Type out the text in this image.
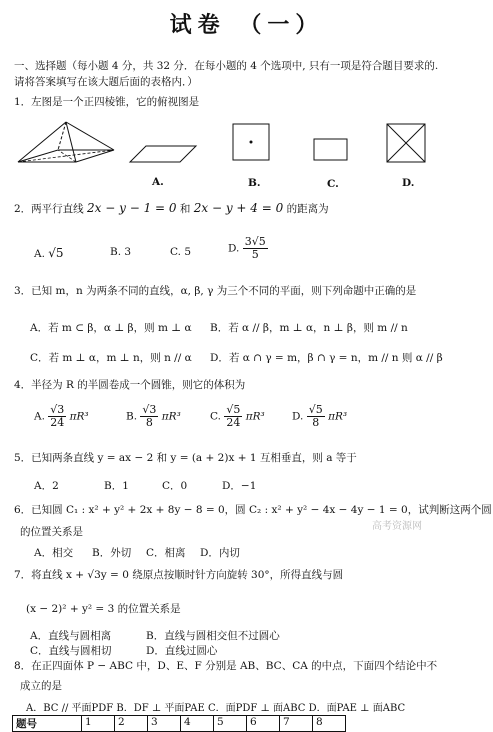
试卷 （一）
一、选择题（每小题 4 分，共 32 分．在每小题的 4 个选项中, 只有一项是符合题目要求的.
请将答案填写在该大题后面的表格内．）
1．左图是一个正四棱锥，它的俯视图是
A.	B.	C.	D.
2．两平行直线 2x − y − 1 = 0 和 2x − y + 4 = 0 的距离为
A. √5	B. 3	C. 5	D. $\frac{3√5}{5}$
3．已知 m，n 为两条不同的直线，α, β, γ 为三个不同的平面，则下列命题中正确的是
A．若 m ⊂ β，α ⊥ β，则 m ⊥ α B．若 α // β，m ⊥ α，n ⊥ β，则 m // n
C．若 m ⊥ α，m ⊥ n，则 n // α D．若 α ∩ γ = m，β ∩ γ = n，m // n 则 α // β
4．半径为 R 的半圆卷成一个圆锥，则它的体积为
A. $\frac{√3}{24} \pi R^3$	B. $\frac{√3}{8} \pi R^3$	C. $\frac{√5}{24} \pi R^3$	D. $\frac{√5}{8} \pi R^3$
5．已知两条直线 y = ax − 2 和 y = (a + 2)x + 1 互相垂直，则 a 等于
A．2	B．1	C．0	D．−1
6．已知圆 C₁ : x² + y² + 2x + 8y − 8 = 0，圆 C₂ : x² + y² − 4x − 4y − 1 = 0，试判断这两个圆
高考资源网
的位置关系是
A．相交 B．外切 C．相离 D．内切
7．将直线 x + √3y = 0 绕原点按顺时针方向旋转 30°，所得直线与圆
(x − 2)² + y² = 3 的位置关系是
A．直线与圆相离	B．直线与圆相交但不过圆心
C．直线与圆相切	D．直线过圆心
8．在正四面体 P − ABC 中，D、E、F 分别是 AB、BC、CA 的中点，下面四个结论中不
成立的是
A．BC // 平面PDF B．DF ⊥ 平面PAE C．面PDF ⊥ 面ABC D．面PAE ⊥ 面ABC
题号	1	2	3	4	5	6	7	8
